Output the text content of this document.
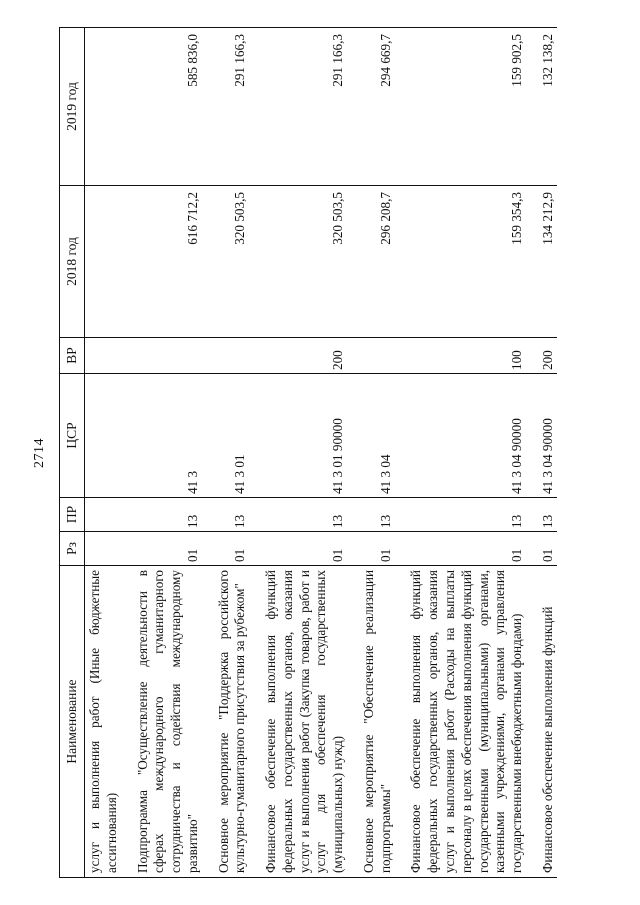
2714
Наименование	Рз	ПР	ЦСР	ВР	2018 год	2019 год
услуг и выполнения работ (Иные бюджетные ассигнования)						

Подпрограмма "Осуществление деятельности в сферах международного гуманитарного сотрудничества и содействия международному развитию"	01	13	41 3		616 712,2	585 836,0

Основное мероприятие "Поддержка российского культурно-гуманитарного присутствия за рубежом"	01	13	41 3 01		320 503,5	291 166,3

Финансовое обеспечение выполнения функций федеральных государственных органов, оказания услуг и выполнения работ (Закупка товаров, работ и услуг для обеспечения государственных (муниципальных) нужд)	01	13	41 3 01 90000	200	320 503,5	291 166,3

Основное мероприятие "Обеспечение реализации подпрограммы"	01	13	41 3 04		296 208,7	294 669,7

Финансовое обеспечение выполнения функций федеральных государственных органов, оказания услуг и выполнения работ (Расходы на выплаты персоналу в целях обеспечения выполнения функций государственными (муниципальными) органами, казенными учреждениями, органами управления государственными внебюджетными фондами)	01	13	41 3 04 90000	100	159 354,3	159 902,5

Финансовое обеспечение выполнения функций	01	13	41 3 04 90000	200	134 212,9	132 138,2
